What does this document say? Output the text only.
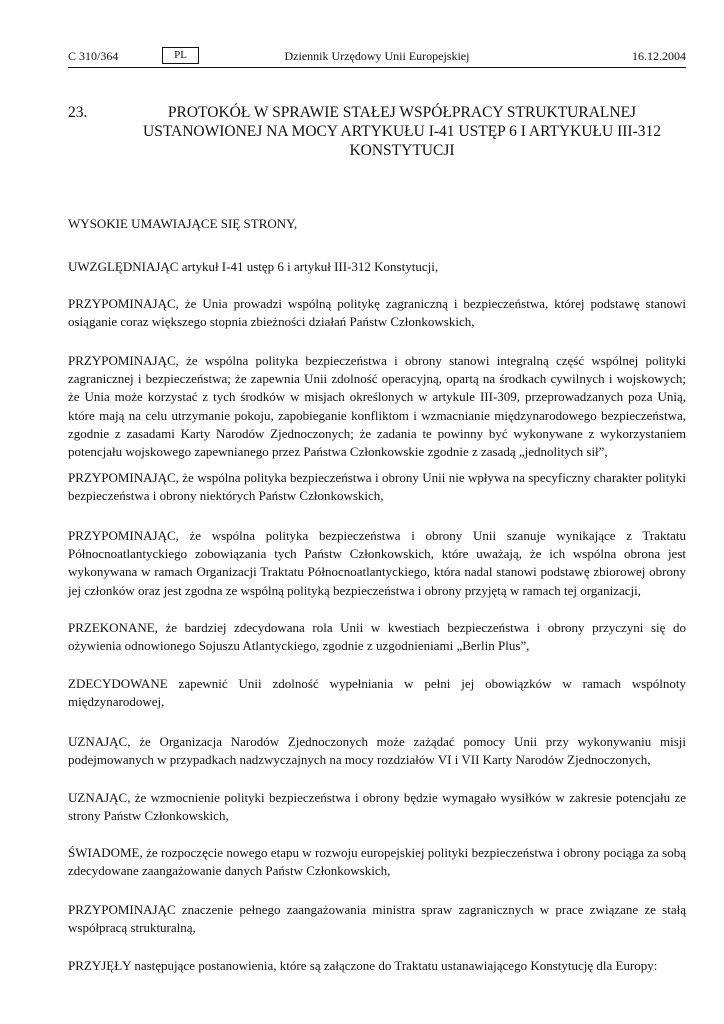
C 310/364	PL	Dziennik Urzędowy Unii Europejskiej	16.12.2004
23.	PROTOKÓŁ W SPRAWIE STAŁEJ WSPÓŁPRACY STRUKTURALNEJ USTANOWIONEJ NA MOCY ARTYKUŁU I-41 USTĘP 6 I ARTYKUŁU III-312 KONSTYTUCJI

WYSOKIE UMAWIAJĄCE SIĘ STRONY,

UWZGLĘDNIAJĄC artykuł I-41 ustęp 6 i artykuł III-312 Konstytucji,

PRZYPOMINAJĄC, że Unia prowadzi wspólną politykę zagraniczną i bezpieczeństwa, której podstawę stanowi osiąganie coraz większego stopnia zbieżności działań Państw Członkowskich,

PRZYPOMINAJĄC, że wspólna polityka bezpieczeństwa i obrony stanowi integralną część wspólnej polityki zagranicznej i bezpieczeństwa; że zapewnia Unii zdolność operacyjną, opartą na środkach cywilnych i wojskowych; że Unia może korzystać z tych środków w misjach określonych w artykule III-309, przeprowadzanych poza Unią, które mają na celu utrzymanie pokoju, zapobieganie konfliktom i wzmacnianie międzynarodowego bezpieczeństwa, zgodnie z zasadami Karty Narodów Zjednoczonych; że zadania te powinny być wykonywane z wykorzystaniem potencjału wojskowego zapewnianego przez Państwa Członkowskie zgodnie z zasadą „jednolitych sił”,

PRZYPOMINAJĄC, że wspólna polityka bezpieczeństwa i obrony Unii nie wpływa na specyficzny charakter polityki bezpieczeństwa i obrony niektórych Państw Członkowskich,

PRZYPOMINAJĄC, że wspólna polityka bezpieczeństwa i obrony Unii szanuje wynikające z Traktatu Północnoatlantyckiego zobowiązania tych Państw Członkowskich, które uważają, że ich wspólna obrona jest wykonywana w ramach Organizacji Traktatu Północnoatlantyckiego, która nadal stanowi podstawę zbiorowej obrony jej członków oraz jest zgodna ze wspólną polityką bezpieczeństwa i obrony przyjętą w ramach tej organizacji,

PRZEKONANE, że bardziej zdecydowana rola Unii w kwestiach bezpieczeństwa i obrony przyczyni się do ożywienia odnowionego Sojuszu Atlantyckiego, zgodnie z uzgodnieniami „Berlin Plus”,

ZDECYDOWANE zapewnić Unii zdolność wypełniania w pełni jej obowiązków w ramach wspólnoty międzynarodowej,

UZNAJĄC, że Organizacja Narodów Zjednoczonych może zażądać pomocy Unii przy wykonywaniu misji podejmowanych w przypadkach nadzwyczajnych na mocy rozdziałów VI i VII Karty Narodów Zjednoczonych,

UZNAJĄC, że wzmocnienie polityki bezpieczeństwa i obrony będzie wymagało wysiłków w zakresie potencjału ze strony Państw Członkowskich,

ŚWIADOME, że rozpoczęcie nowego etapu w rozwoju europejskiej polityki bezpieczeństwa i obrony pociąga za sobą zdecydowane zaangażowanie danych Państw Członkowskich,

PRZYPOMINAJĄC znaczenie pełnego zaangażowania ministra spraw zagranicznych w prace związane ze stałą współpracą strukturalną,

PRZYJĘŁY następujące postanowienia, które są załączone do Traktatu ustanawiającego Konstytucję dla Europy:
